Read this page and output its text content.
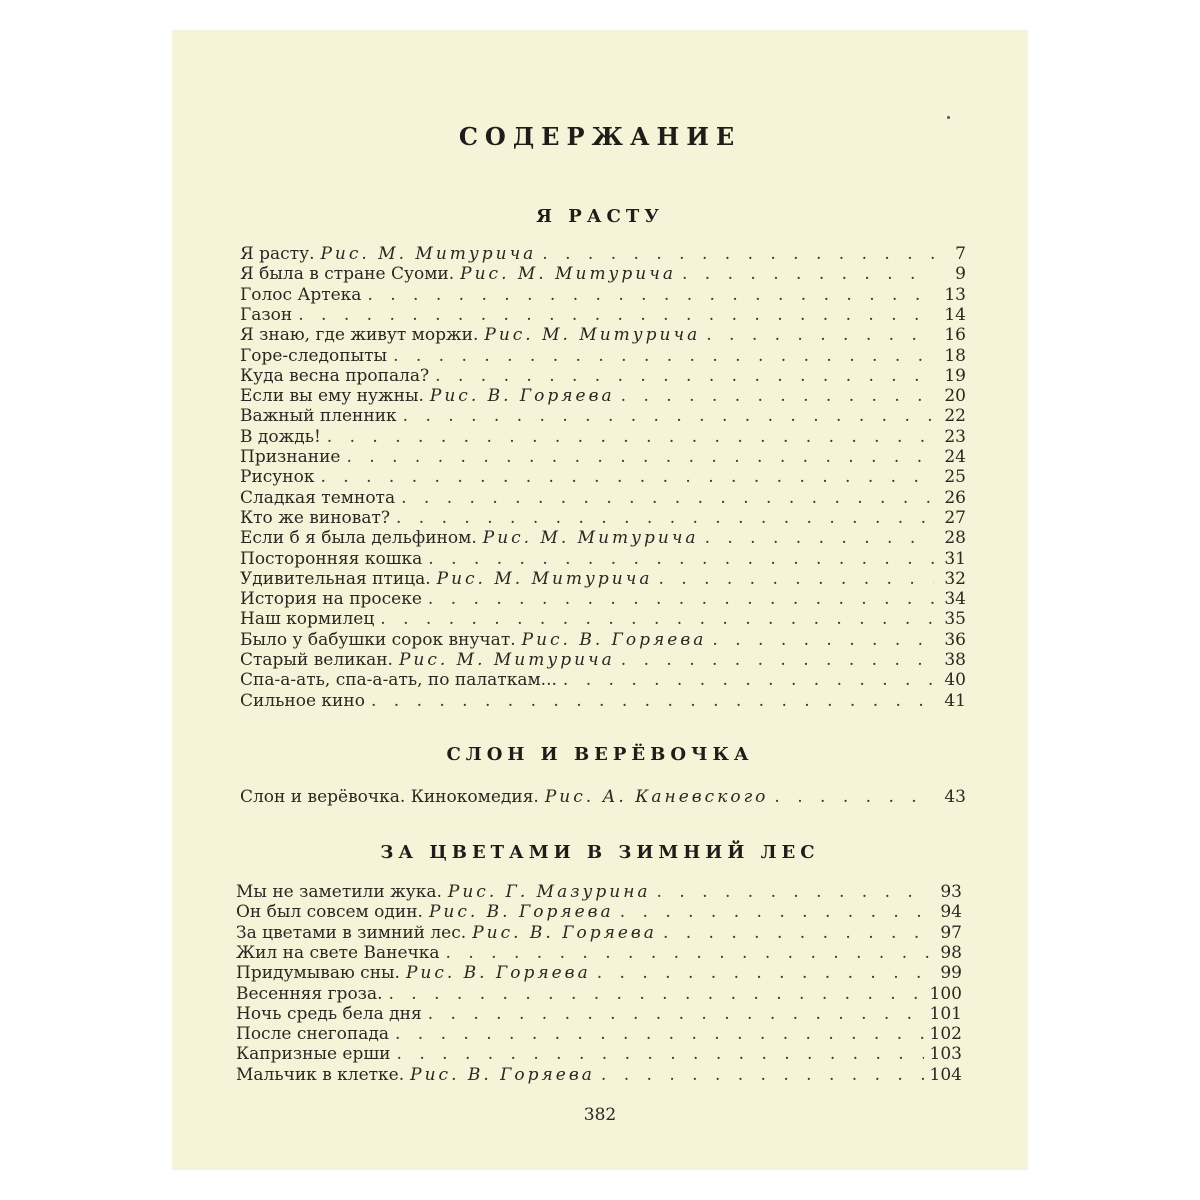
СОДЕРЖАНИЕ
Я РАСТУ
Я расту. Рис. М. Митурича . . .	7
Я была в стране Суоми. Рис. М. Митурича . . .	9
Голос Артека . . .	13
Газон . . .	14
Я знаю, где живут моржи. Рис. М. Митурича . . .	16
Горе-следопыты . . .	18
Куда весна пропала? . . .	19
Если вы ему нужны. Рис. В. Горяева . . .	20
Важный пленник . . .	22
В дождь! . . .	23
Признание . . .	24
Рисунок . . .	25
Сладкая темнота . . .	26
Кто же виноват? . . .	27
Если б я была дельфином. Рис. М. Митурича . . .	28
Посторонняя кошка . . .	31
Удивительная птица. Рис. М. Митурича . . .	32
История на просеке . . .	34
Наш кормилец . . .	35
Было у бабушки сорок внучат. Рис. В. Горяева . . .	36
Старый великан. Рис. М. Митурича . . .	38
Спа-а-ать, спа-а-ать, по палаткам... . . .	40
Сильное кино . . .	41
СЛОН И ВЕРЁВОЧКА
Слон и верёвочка. Кинокомедия. Рис. А. Каневского . . .	43
ЗА ЦВЕТАМИ В ЗИМНИЙ ЛЕС
Мы не заметили жука. Рис. Г. Мазурина . . .	93
Он был совсем один. Рис. В. Горяева . . .	94
За цветами в зимний лес. Рис. В. Горяева . . .	97
Жил на свете Ванечка . . .	98
Придумываю сны. Рис. В. Горяева . . .	99
Весенняя гроза. . . .	100
Ночь средь бела дня . . .	101
После снегопада . . .	102
Капризные ерши . . .	103
Мальчик в клетке. Рис. В. Горяева . . .	104
382
